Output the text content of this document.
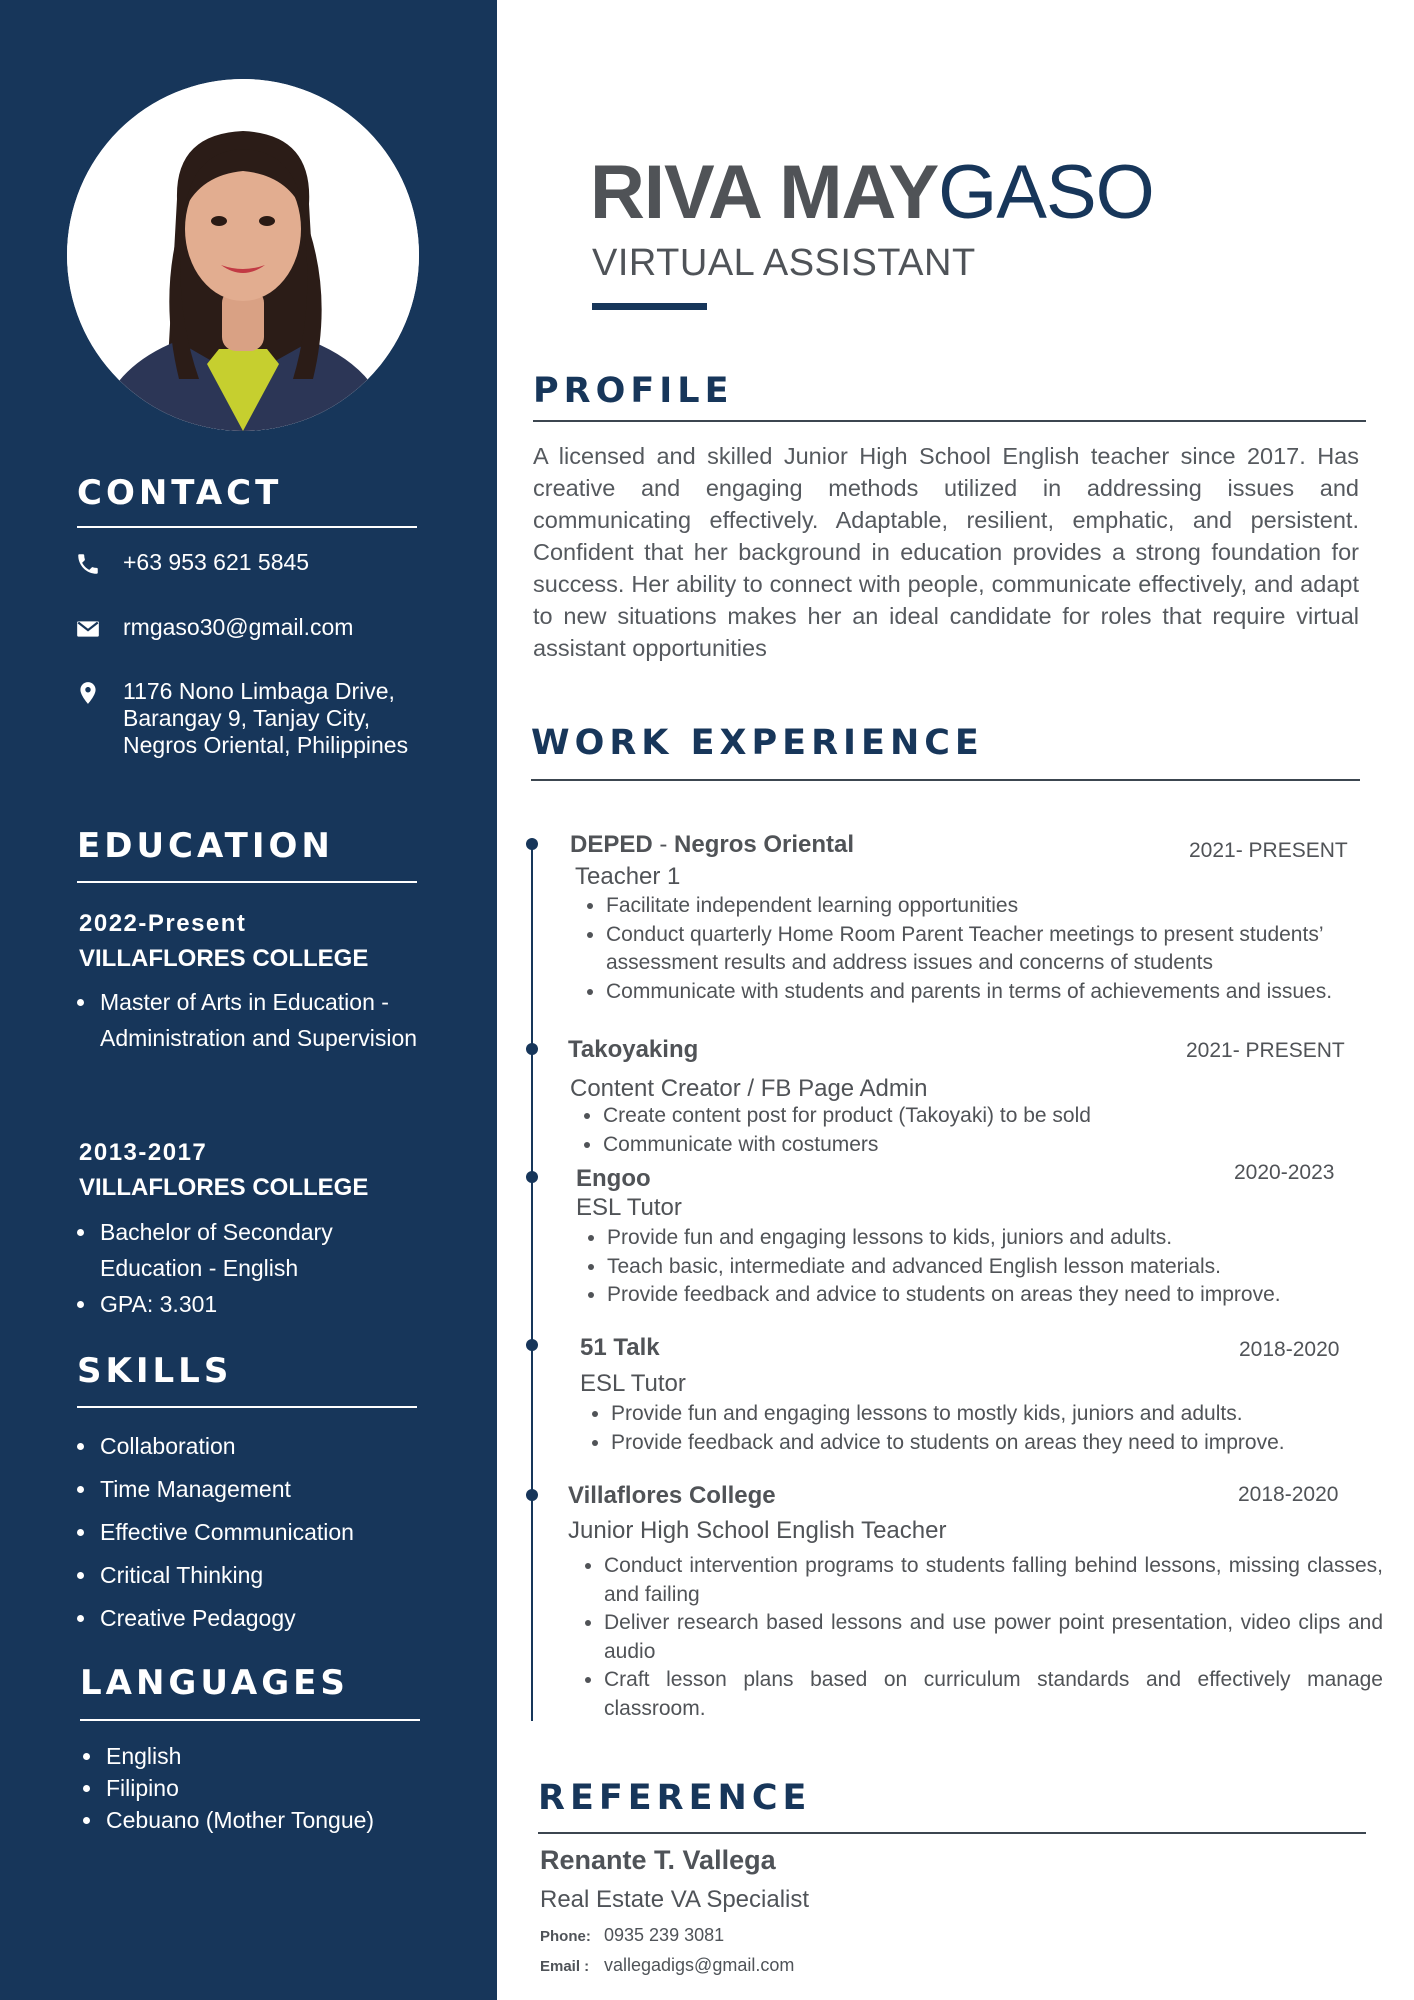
CONTACT
+63 953 621 5845
rmgaso30@gmail.com
1176 Nono Limbaga Drive,
Barangay 9, Tanjay City,
Negros Oriental, Philippines
EDUCATION
2022-Present
VILLAFLORES COLLEGE
• Master of Arts in Education - Administration and Supervision
2013-2017
VILLAFLORES COLLEGE
• Bachelor of Secondary Education - English
• GPA: 3.301
SKILLS
• Collaboration
• Time Management
• Effective Communication
• Critical Thinking
• Creative Pedagogy
LANGUAGES
• English
• Filipino
• Cebuano (Mother Tongue)
RIVA MAYGASO
VIRTUAL ASSISTANT
PROFILE

A licensed and skilled Junior High School English teacher since 2017. Has creative and engaging methods utilized in addressing issues and communicating effectively. Adaptable, resilient, emphatic, and persistent. Confident that her background in education provides a strong foundation for success. Her ability to connect with people, communicate effectively, and adapt to new situations makes her an ideal candidate for roles that require virtual assistant opportunities

WORK EXPERIENCE
DEPED - Negros Oriental	2021- PRESENT
Teacher 1
• Facilitate independent learning opportunities
• Conduct quarterly Home Room Parent Teacher meetings to present students’ assessment results and address issues and concerns of students
• Communicate with students and parents in terms of achievements and issues.
Takoyaking	2021- PRESENT
Content Creator / FB Page Admin
• Create content post for product (Takoyaki) to be sold
• Communicate with costumers
Engoo	2020-2023
ESL Tutor
• Provide fun and engaging lessons to kids, juniors and adults.
• Teach basic, intermediate and advanced English lesson materials.
• Provide feedback and advice to students on areas they need to improve.
51 Talk	2018-2020
ESL Tutor
• Provide fun and engaging lessons to mostly kids, juniors and adults.
• Provide feedback and advice to students on areas they need to improve.
Villaflores College	2018-2020
Junior High School English Teacher
• Conduct intervention programs to students falling behind lessons, missing classes, and failing
• Deliver research based lessons and use power point presentation, video clips and audio
• Craft lesson plans based on curriculum standards and effectively manage classroom.
REFERENCE
Renante T. Vallega
Real Estate VA Specialist
Phone: 0935 239 3081
Email : vallegadigs@gmail.com
